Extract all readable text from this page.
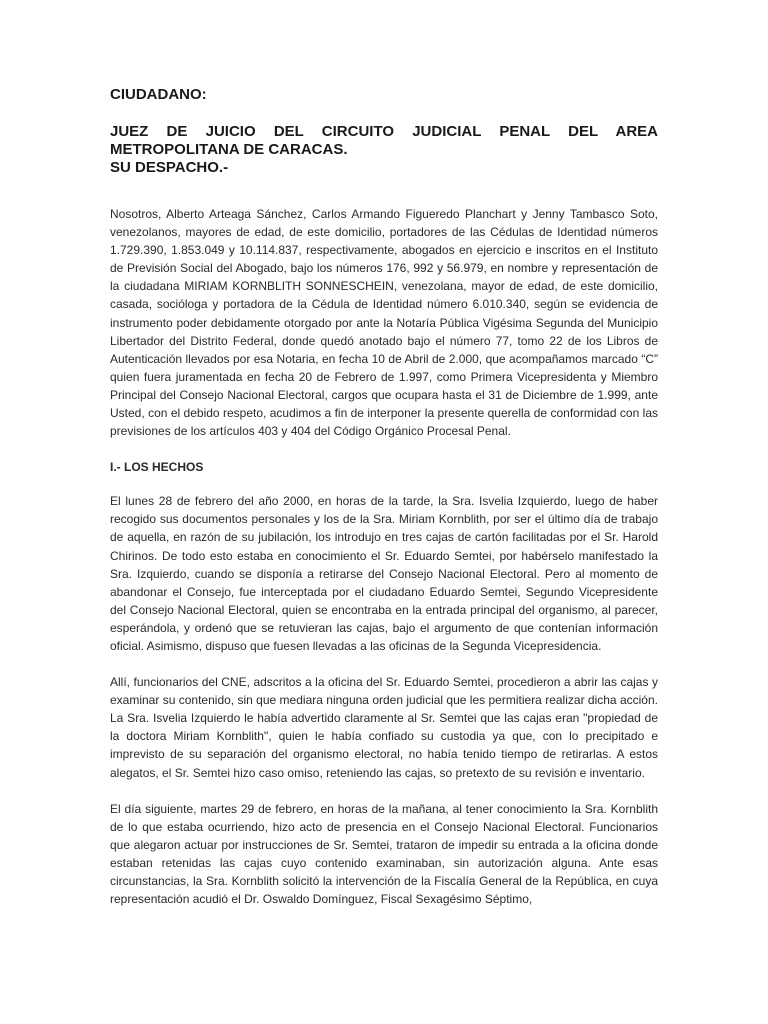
CIUDADANO:

JUEZ DE JUICIO DEL CIRCUITO JUDICIAL PENAL DEL AREA
METROPOLITANA DE CARACAS.

SU DESPACHO.-

Nosotros, Alberto Arteaga Sánchez, Carlos Armando Figueredo Planchart y Jenny Tambasco Soto, venezolanos, mayores de edad, de este domicilio, portadores de las Cédulas de Identidad números 1.729.390, 1.853.049 y 10.114.837, respectivamente, abogados en ejercicio e inscritos en el Instituto de Previsión Social del Abogado, bajo los números 176, 992 y 56.979, en nombre y representación de la ciudadana MIRIAM KORNBLITH SONNESCHEIN, venezolana, mayor de edad, de este domicilio, casada, socióloga y portadora de la Cédula de Identidad número 6.010.340, según se evidencia de instrumento poder debidamente otorgado por ante la Notaría Pública Vigésima Segunda del Municipio Libertador del Distrito Federal, donde quedó anotado bajo el número 77, tomo 22 de los Libros de Autenticación llevados por esa Notaria, en fecha 10 de Abril de 2.000, que acompañamos marcado “C” quien fuera juramentada en fecha 20 de Febrero de 1.997, como Primera Vicepresidenta y Miembro Principal del Consejo Nacional Electoral, cargos que ocupara hasta el 31 de Diciembre de 1.999, ante Usted, con el debido respeto, acudimos a fin de interponer la presente querella de conformidad con las previsiones de los artículos 403 y 404 del Código Orgánico Procesal Penal.

I.- LOS HECHOS

El lunes 28 de febrero del año 2000, en horas de la tarde, la Sra. Isvelia Izquierdo, luego de haber recogido sus documentos personales y los de la Sra. Miriam Kornblith, por ser el último día de trabajo de aquella, en razón de su jubilación, los introdujo en tres cajas de cartón facilitadas por el Sr. Harold Chirinos. De todo esto estaba en conocimiento el Sr. Eduardo Semtei, por habérselo manifestado la Sra. Izquierdo, cuando se disponía a retirarse del Consejo Nacional Electoral. Pero al momento de abandonar el Consejo, fue interceptada por el ciudadano Eduardo Semtei, Segundo Vicepresidente del Consejo Nacional Electoral, quien se encontraba en la entrada principal del organismo, al parecer, esperándola, y ordenó que se retuvieran las cajas, bajo el argumento de que contenían información oficial. Asimismo, dispuso que fuesen llevadas a las oficinas de la Segunda Vicepresidencia.

Allí, funcionarios del CNE, adscritos a la oficina del Sr. Eduardo Semtei, procedieron a abrir las cajas y examinar su contenido, sin que mediara ninguna orden judicial que les permitiera realizar dicha acción. La Sra. Isvelia Izquierdo le había advertido claramente al Sr. Semtei que las cajas eran "propiedad de la doctora Miriam Kornblith", quien le había confiado su custodia ya que, con lo precipitado e imprevisto de su separación del organismo electoral, no había tenido tiempo de retirarlas. A estos alegatos, el Sr. Semtei hizo caso omiso, reteniendo las cajas, so pretexto de su revisión e inventario.

El día siguiente, martes 29 de febrero, en horas de la mañana, al tener conocimiento la Sra. Kornblith de lo que estaba ocurriendo, hizo acto de presencia en el Consejo Nacional Electoral. Funcionarios que alegaron actuar por instrucciones de Sr. Semtei, trataron de impedir su entrada a la oficina donde estaban retenidas las cajas cuyo contenido examinaban, sin autorización alguna. Ante esas circunstancias, la Sra. Kornblith solicitó la intervención de la Fiscalía General de la República, en cuya representación acudió el Dr. Oswaldo Domínguez, Fiscal Sexagésimo Séptimo,
